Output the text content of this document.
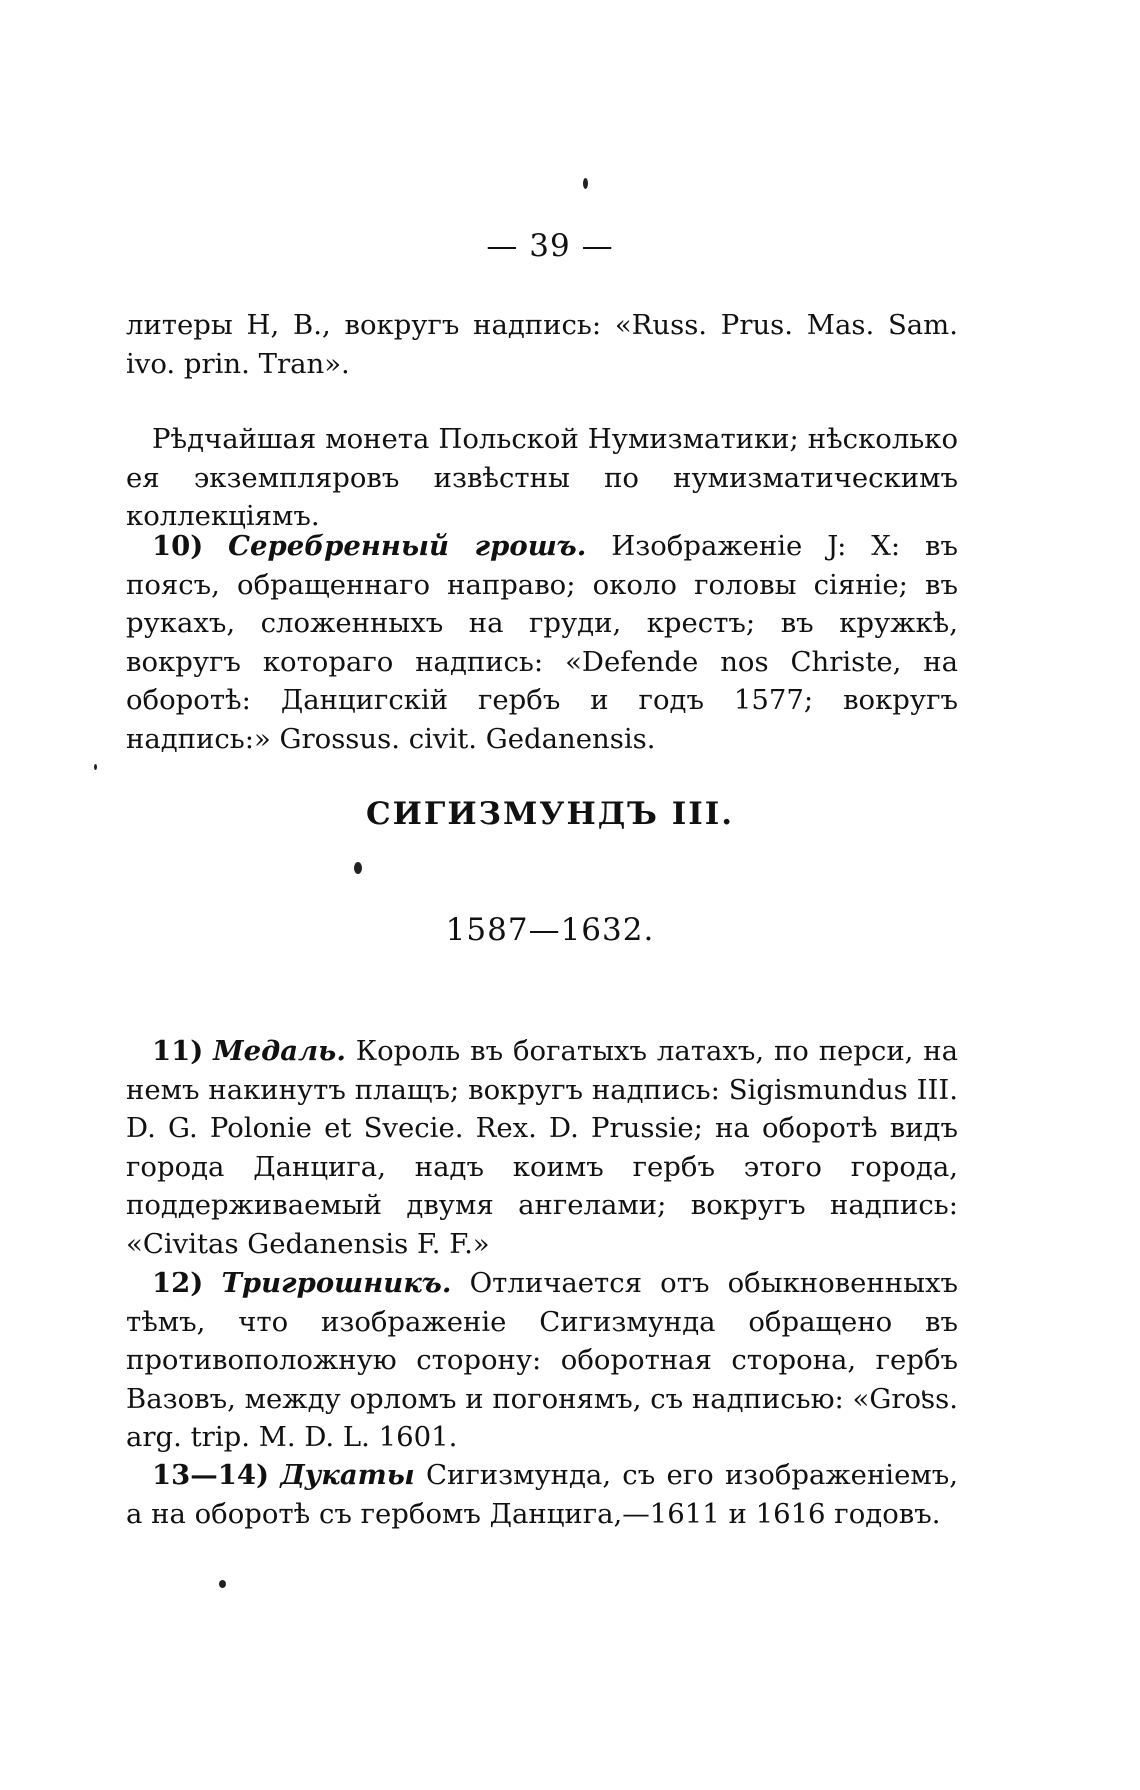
— 39 —

литеры Н, В., вокругъ надпись: «Russ. Prus. Mas. Sam. ivo. prin. Tran».

Рѣдчайшая монета Польской Нумизматики; нѣсколько ея экземпляровъ извѣстны по нумизматическимъ коллекціямъ.

10) Серебренный грошъ. Изображеніе J: X: въ поясъ, обращеннаго направо; около головы сіяніе; въ рукахъ, сложенныхъ на груди, крестъ; въ кружкѣ, вокругъ котораго надпись: «Defende nos Christe, на оборотѣ: Данцигскій гербъ и годъ 1577; вокругъ надпись:» Grossus. civit. Gedanensis.

СИГИЗМУНДЪ III.
1587—1632.

11) Медаль. Король въ богатыхъ латахъ, по перси, на немъ накинутъ плащъ; вокругъ надпись: Sigismundus III. D. G. Polonie et Svecie. Rex. D. Prussie; на оборотѣ видъ города Данцига, надъ коимъ гербъ этого города, поддерживаемый двумя ангелами; вокругъ надпись: «Civitas Gedanensis F. F.»

12) Тригрошникъ. Отличается отъ обыкновенныхъ тѣмъ, что изображеніе Сигизмунда обращено въ противоположную сторону: оборотная сторона, гербъ Вазовъ, между орломъ и погонямъ, съ надписью: «Gross. arg. trip. M. D. L. 1601.

13—14) Дукаты Сигизмунда, съ его изображеніемъ, а на оборотѣ съ гербомъ Данцига,—1611 и 1616 годовъ.
